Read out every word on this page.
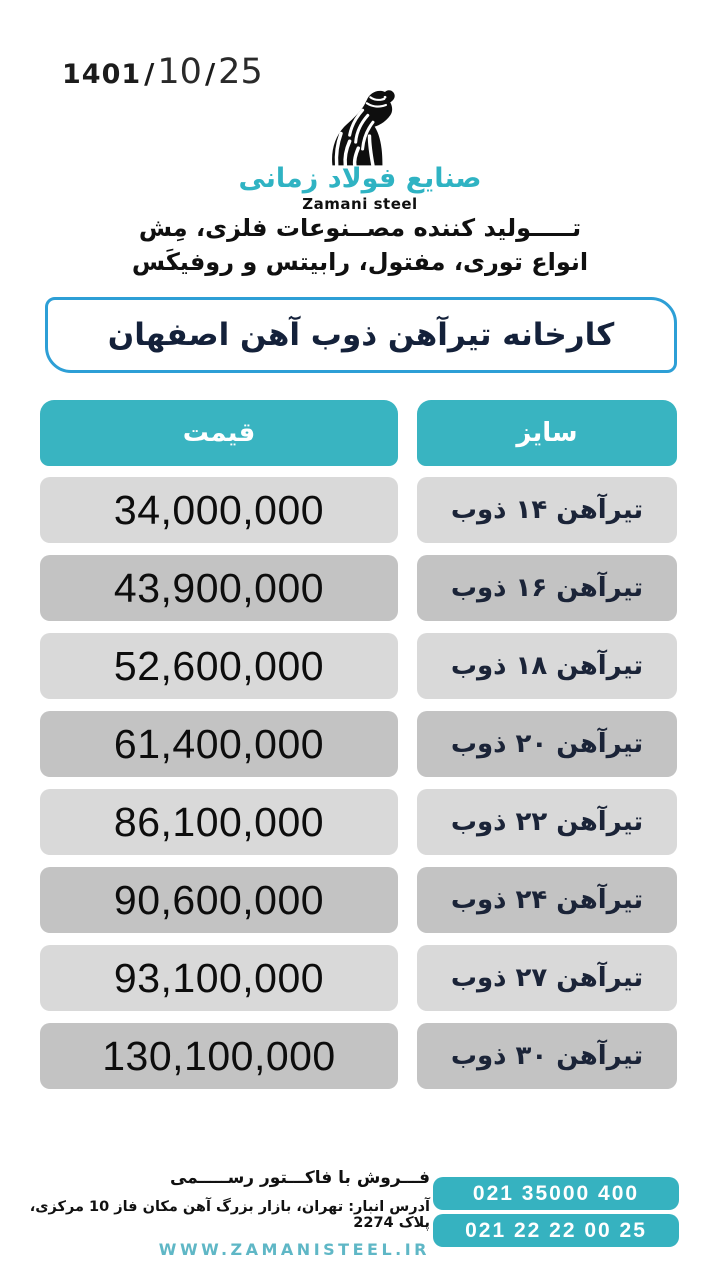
1401 /10 /25
صنایع فولاد زمانی
Zamani steel
تـــــولید کننده مصــنوعات فلزی، مِش
انواع توری، مفتول، رابیتس و روفیکَس
کارخانه تیرآهن ذوب آهن اصفهان
قیمت	سایز
34,000,000	تیرآهن ۱۴ ذوب
43,900,000	تیرآهن ۱۶ ذوب
52,600,000	تیرآهن ۱۸ ذوب
61,400,000	تیرآهن ۲۰ ذوب
86,100,000	تیرآهن ۲۲ ذوب
90,600,000	تیرآهن ۲۴ ذوب
93,100,000	تیرآهن ۲۷ ذوب
130,100,000	تیرآهن ۳۰ ذوب
فـــروش با فاکـــتور رســـــمی
آدرس انبار: تهران، بازار بزرگ آهن مکان فاز 10 مرکزی، پلاک 2274
WWW.ZAMANISTEEL.IR
021 35000 400
021 22 22 00 25
